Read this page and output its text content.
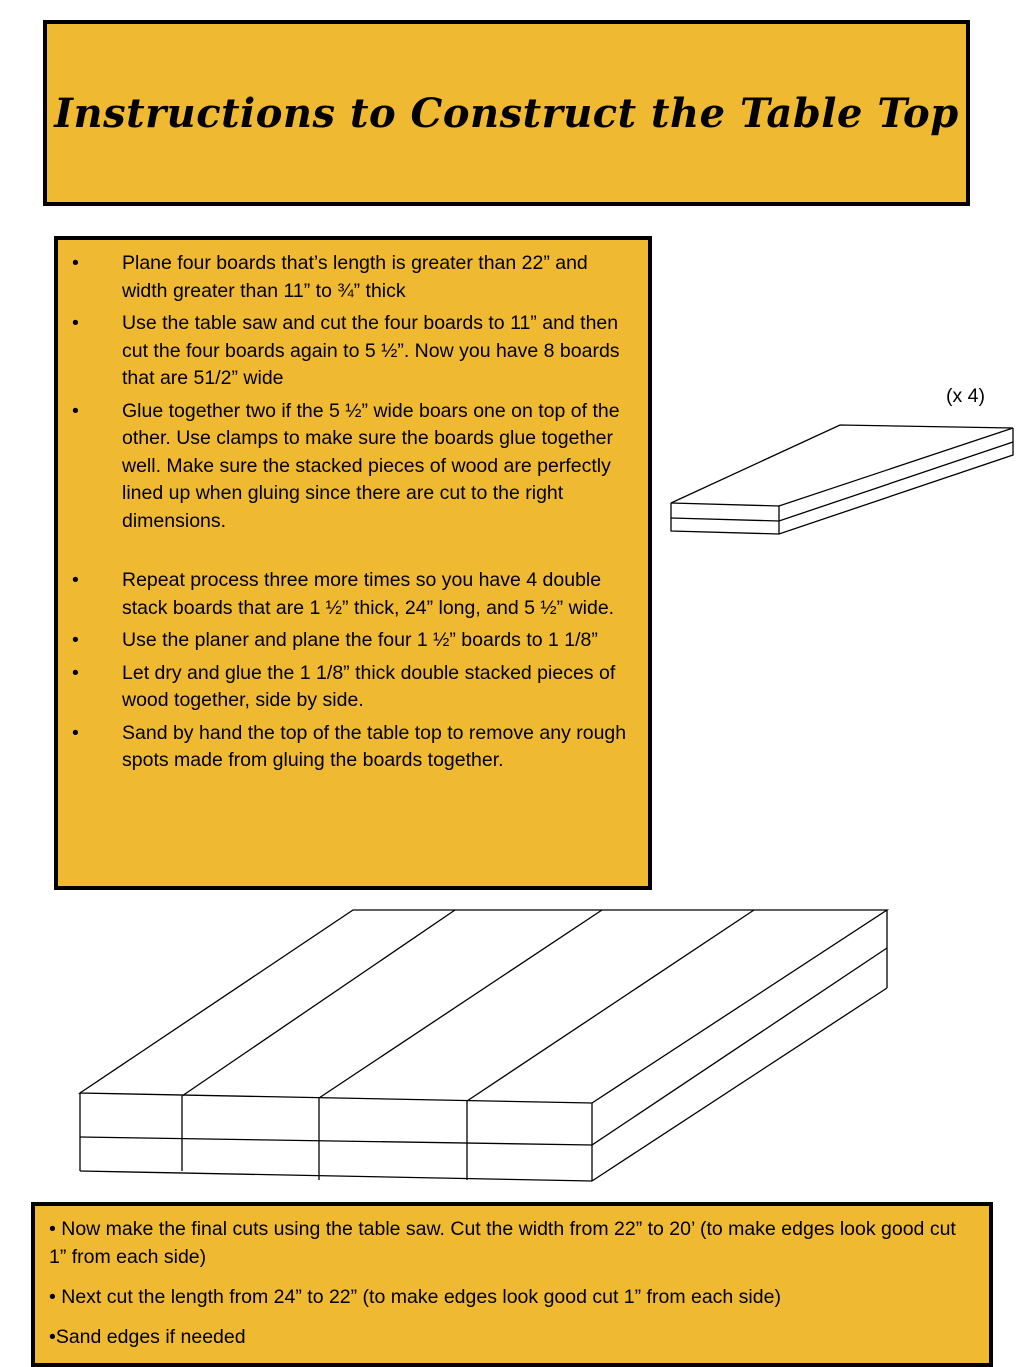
Instructions to Construct the Table Top
• Plane four boards that’s length is greater than 22” and width greater than 11” to ¾” thick
• Use the table saw and cut the four boards to 11” and then cut the four boards again to 5 ½”. Now you have 8 boards that are 51/2” wide
• Glue together two if the 5 ½” wide boars one on top of the other. Use clamps to make sure the boards glue together well. Make sure the stacked pieces of wood are perfectly lined up when gluing since there are cut to the right dimensions.
• Repeat process three more times so you have 4 double stack boards that are 1 ½” thick, 24” long, and 5 ½” wide.
• Use the planer and plane the four 1 ½” boards to 1 1/8”
• Let dry and glue the 1 1/8” thick double stacked pieces of wood together, side by side.
• Sand by hand the top of the table top to remove any rough spots made from gluing the boards together.
(x 4)

• Now make the final cuts using the table saw. Cut the width from 22” to 20’ (to make edges look good cut 1” from each side)

• Next cut the length from 24” to 22” (to make edges look good cut 1” from each side)

•Sand edges if needed
